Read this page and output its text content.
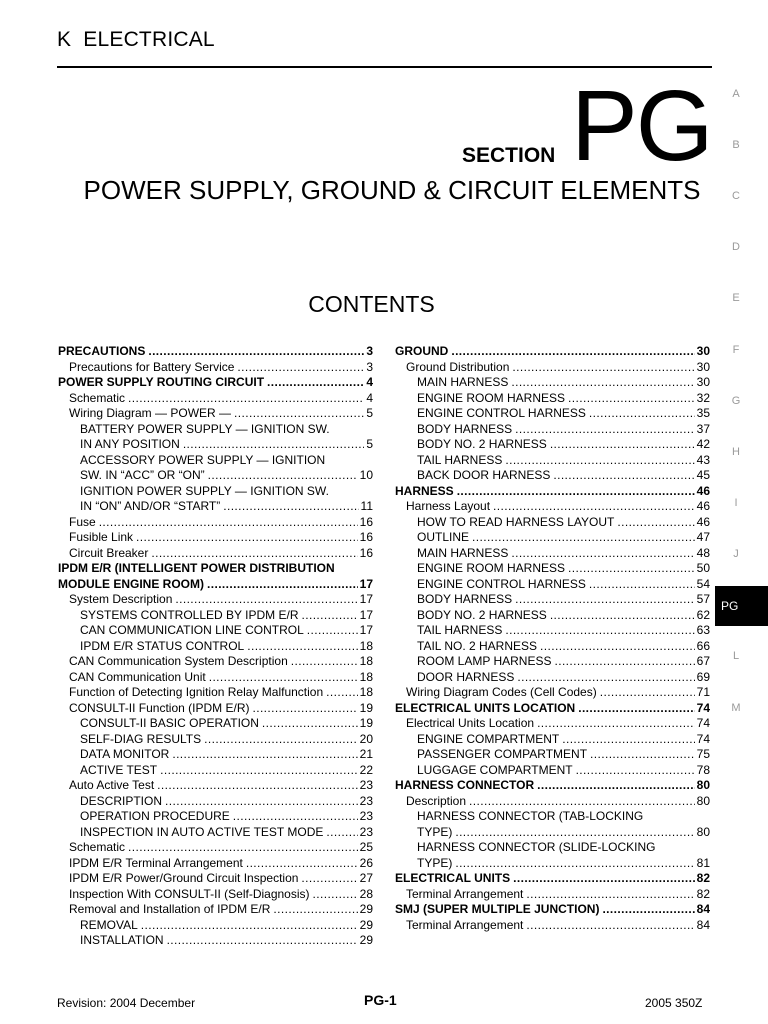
K  ELECTRICAL
SECTION PG
POWER SUPPLY, GROUND & CIRCUIT ELEMENTS
CONTENTS
A
B
C
D
E
F
G
H
I
J
PG
L
M
PRECAUTIONS .....	3
Precautions for Battery Service .....	3
POWER SUPPLY ROUTING CIRCUIT .....	4
Schematic .....	4
Wiring Diagram — POWER — .....	5
BATTERY POWER SUPPLY — IGNITION SW.
IN ANY POSITION .....	5
ACCESSORY POWER SUPPLY — IGNITION
SW. IN “ACC” OR “ON” .....	10
IGNITION POWER SUPPLY — IGNITION SW.
IN “ON” AND/OR “START” .....	11
Fuse .....	16
Fusible Link .....	16
Circuit Breaker .....	16
IPDM E/R (INTELLIGENT POWER DISTRIBUTION
MODULE ENGINE ROOM) .....	17
System Description .....	17
SYSTEMS CONTROLLED BY IPDM E/R .....	17
CAN COMMUNICATION LINE CONTROL .....	17
IPDM E/R STATUS CONTROL .....	18
CAN Communication System Description .....	18
CAN Communication Unit .....	18
Function of Detecting Ignition Relay Malfunction .....	18
CONSULT-II Function (IPDM E/R) .....	19
CONSULT-II BASIC OPERATION .....	19
SELF-DIAG RESULTS .....	20
DATA MONITOR .....	21
ACTIVE TEST .....	22
Auto Active Test .....	23
DESCRIPTION .....	23
OPERATION PROCEDURE .....	23
INSPECTION IN AUTO ACTIVE TEST MODE .....	23
Schematic .....	25
IPDM E/R Terminal Arrangement .....	26
IPDM E/R Power/Ground Circuit Inspection .....	27
Inspection With CONSULT-II (Self-Diagnosis) .....	28
Removal and Installation of IPDM E/R .....	29
REMOVAL .....	29
INSTALLATION .....	29
GROUND .....	30
Ground Distribution .....	30
MAIN HARNESS .....	30
ENGINE ROOM HARNESS .....	32
ENGINE CONTROL HARNESS .....	35
BODY HARNESS .....	37
BODY NO. 2 HARNESS .....	42
TAIL HARNESS .....	43
BACK DOOR HARNESS .....	45
HARNESS .....	46
Harness Layout .....	46
HOW TO READ HARNESS LAYOUT .....	46
OUTLINE .....	47
MAIN HARNESS .....	48
ENGINE ROOM HARNESS .....	50
ENGINE CONTROL HARNESS .....	54
BODY HARNESS .....	57
BODY NO. 2 HARNESS .....	62
TAIL HARNESS .....	63
TAIL NO. 2 HARNESS .....	66
ROOM LAMP HARNESS .....	67
DOOR HARNESS .....	69
Wiring Diagram Codes (Cell Codes) .....	71
ELECTRICAL UNITS LOCATION .....	74
Electrical Units Location .....	74
ENGINE COMPARTMENT .....	74
PASSENGER COMPARTMENT .....	75
LUGGAGE COMPARTMENT .....	78
HARNESS CONNECTOR .....	80
Description .....	80
HARNESS CONNECTOR (TAB-LOCKING
TYPE) .....	80
HARNESS CONNECTOR (SLIDE-LOCKING
TYPE) .....	81
ELECTRICAL UNITS .....	82
Terminal Arrangement .....	82
SMJ (SUPER MULTIPLE JUNCTION) .....	84
Terminal Arrangement .....	84
Revision: 2004 December	PG-1	2005 350Z
